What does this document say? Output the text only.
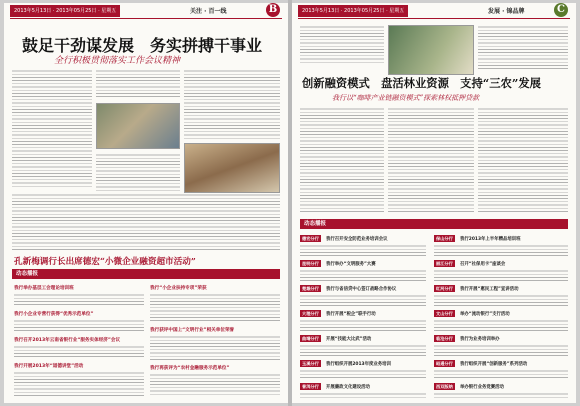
2013年5月13日 · 2013年05月25日 · 星期五	关注 · 百一线	B
鼓足干劲谋发展　务实拼搏干事业
全行积极贯彻落实工作会议精神
孔新梅调行长出席德宏“小微企业融资超市活动”
动态播报
我行举办基层工会理论培训班
我行小企业专营行获得“优秀示范单位”
我行召开2013年云南省银行业“服务实体经济”会议
我行开展2013年“道德讲堂”活动
我行“小企业扶持专项”荣获
我行获评中国上“文明行业”相关单位荣誉
我行再获评为“农村金融服务示范单位”
2013年5月13日 · 2013年05月25日 · 星期五	发展 · 锦品牌	C
创新融资模式　盘活林业资源　支持“三农”发展
我行以“咖啡产业链融资模式”探索林权抵押贷款
动态播报
德宏分行	我行召开安全防范业务培训会议
昆明分行	我行举办“文明服务”大赛
楚雄分行	我行与省信贷中心签订战略合作协议
大理分行	我行开展“税企”联手行动
曲靖分行	开展“技能大比武”活动
玉溪分行	我行组织开展2013年度业务培训
普洱分行	开展廉政文化建设活动
保山分行	我行2013年上半年精品培训班
丽江分行	召开“社保用卡”座谈会
红河分行	我行开展“惠民工程”宣讲活动
文山分行	举办“流动银行”支行活动
临沧分行	我行为业务培训举办
昭通分行	我行组织开展“创新服务”系列活动
西双版纳	举办银行业务竞赛活动
